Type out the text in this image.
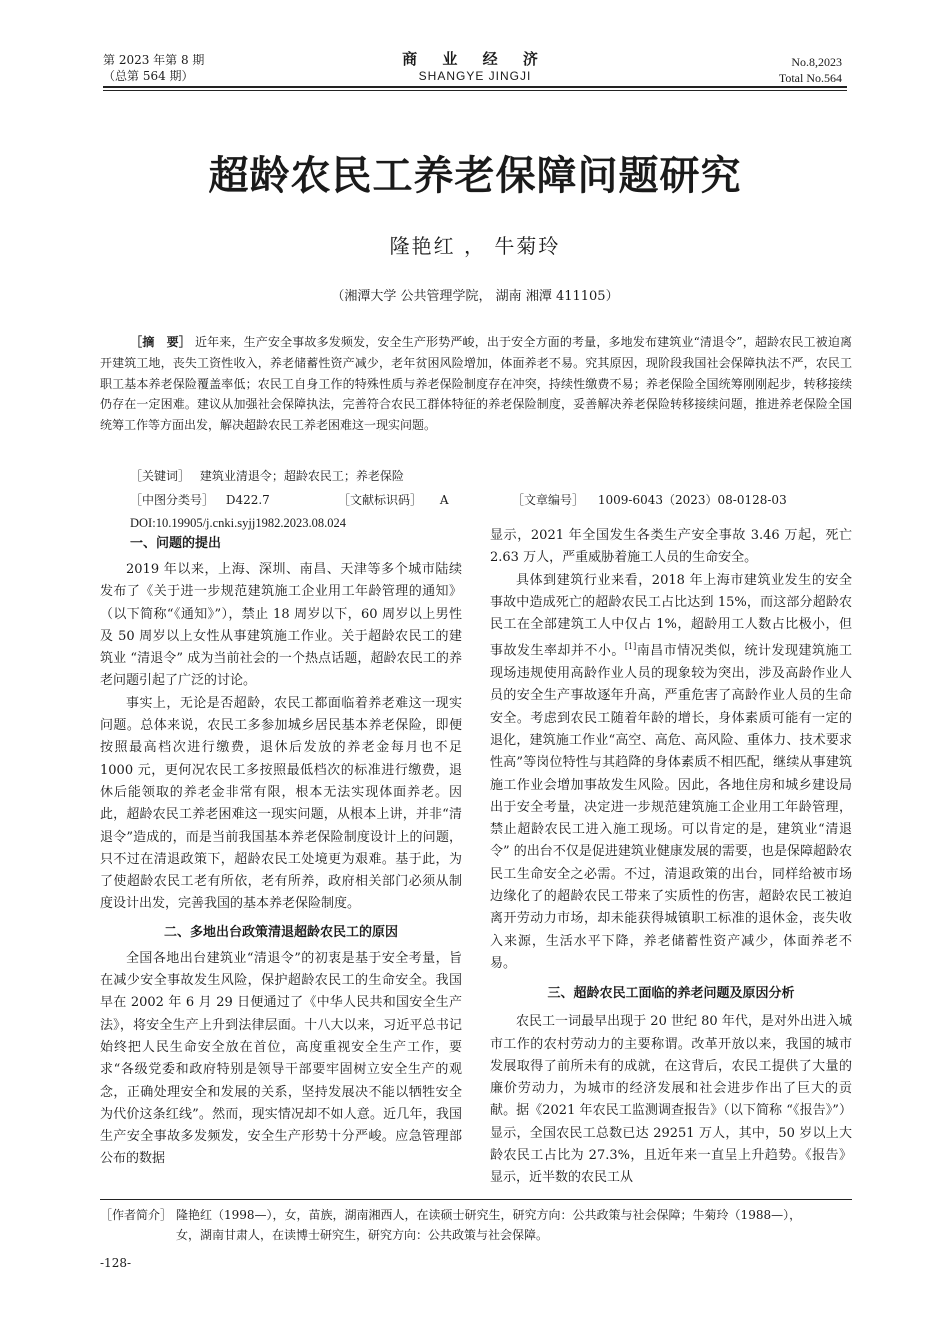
第 2023 年第 8 期
（总第 564 期）
商 业 经 济
SHANGYE JINGJI
No.8,2023
Total No.564
超龄农民工养老保障问题研究
隆艳红 ， 牛菊玲
（湘潭大学 公共管理学院， 湖南 湘潭 411105）
［摘　要］ 近年来，生产安全事故多发频发，安全生产形势严峻，出于安全方面的考量，多地发布建筑业“清退令”，超龄农民工被迫离开建筑工地，丧失工资性收入，养老储蓄性资产减少，老年贫困风险增加，体面养老不易。究其原因，现阶段我国社会保障执法不严，农民工职工基本养老保险覆盖率低；农民工自身工作的特殊性质与养老保险制度存在冲突，持续性缴费不易；养老保险全国统筹刚刚起步，转移接续仍存在一定困难。建议从加强社会保障执法，完善符合农民工群体特征的养老保险制度，妥善解决养老保险转移接续问题，推进养老保险全国统筹工作等方面出发，解决超龄农民工养老困难这一现实问题。
［关键词］ 建筑业清退令；超龄农民工；养老保险
［中图分类号］ D422.7	［文献标识码］ A	［文章编号］ 1009-6043（2023）08-0128-03
DOI:10.19905/j.cnki.syjj1982.2023.08.024
一、问题的提出

2019 年以来，上海、深圳、南昌、天津等多个城市陆续发布了《关于进一步规范建筑施工企业用工年龄管理的通知》（以下简称“《通知》”），禁止 18 周岁以下，60 周岁以上男性及 50 周岁以上女性从事建筑施工作业。关于超龄农民工的建筑业 “清退令” 成为当前社会的一个热点话题，超龄农民工的养老问题引起了广泛的讨论。

事实上，无论是否超龄，农民工都面临着养老难这一现实问题。总体来说，农民工多参加城乡居民基本养老保险，即便按照最高档次进行缴费，退休后发放的养老金每月也不足 1000 元，更何况农民工多按照最低档次的标准进行缴费，退休后能领取的养老金非常有限，根本无法实现体面养老。因此，超龄农民工养老困难这一现实问题，从根本上讲，并非“清退令”造成的，而是当前我国基本养老保险制度设计上的问题，只不过在清退政策下，超龄农民工处境更为艰难。基于此，为了使超龄农民工老有所依，老有所养，政府相关部门必须从制度设计出发，完善我国的基本养老保险制度。

二、多地出台政策清退超龄农民工的原因

全国各地出台建筑业“清退令”的初衷是基于安全考量，旨在减少安全事故发生风险，保护超龄农民工的生命安全。我国早在 2002 年 6 月 29 日便通过了《中华人民共和国安全生产法》，将安全生产上升到法律层面。十八大以来，习近平总书记始终把人民生命安全放在首位，高度重视安全生产工作，要求“各级党委和政府特别是领导干部要牢固树立安全生产的观念，正确处理安全和发展的关系，坚持发展决不能以牺牲安全为代价这条红线”。然而，现实情况却不如人意。近几年，我国生产安全事故多发频发，安全生产形势十分严峻。应急管理部公布的数据

显示，2021 年全国发生各类生产安全事故 3.46 万起，死亡 2.63 万人，严重威胁着施工人员的生命安全。

具体到建筑行业来看，2018 年上海市建筑业发生的安全事故中造成死亡的超龄农民工占比达到 15%，而这部分超龄农民工在全部建筑工人中仅占 1%，超龄用工人数占比极小，但事故发生率却并不小。[1]南昌市情况类似，统计发现建筑施工现场违规使用高龄作业人员的现象较为突出，涉及高龄作业人员的安全生产事故逐年升高，严重危害了高龄作业人员的生命安全。考虑到农民工随着年龄的增长，身体素质可能有一定的退化，建筑施工作业“高空、高危、高风险、重体力、技术要求性高”等岗位特性与其趋降的身体素质不相匹配，继续从事建筑施工作业会增加事故发生风险。因此，各地住房和城乡建设局出于安全考量，决定进一步规范建筑施工企业用工年龄管理，禁止超龄农民工进入施工现场。可以肯定的是，建筑业“清退令” 的出台不仅是促进建筑业健康发展的需要，也是保障超龄农民工生命安全之必需。不过，清退政策的出台，同样给被市场边缘化了的超龄农民工带来了实质性的伤害，超龄农民工被迫离开劳动力市场，却未能获得城镇职工标准的退休金，丧失收入来源，生活水平下降，养老储蓄性资产减少，体面养老不易。

三、超龄农民工面临的养老问题及原因分析

农民工一词最早出现于 20 世纪 80 年代，是对外出进入城市工作的农村劳动力的主要称谓。改革开放以来，我国的城市发展取得了前所未有的成就，在这背后，农民工提供了大量的廉价劳动力，为城市的经济发展和社会进步作出了巨大的贡献。据《2021 年农民工监测调查报告》（以下简称 “《报告》”） 显示，全国农民工总数已达 29251 万人，其中，50 岁以上大龄农民工占比为 27.3%，且近年来一直呈上升趋势。《报告》显示，近半数的农民工从

［作者简介］ 隆艳红（1998—），女，苗族，湖南湘西人，在读硕士研究生，研究方向：公共政策与社会保障；牛菊玲（1988—），
女，湖南甘肃人，在读博士研究生，研究方向：公共政策与社会保障。
-128-
